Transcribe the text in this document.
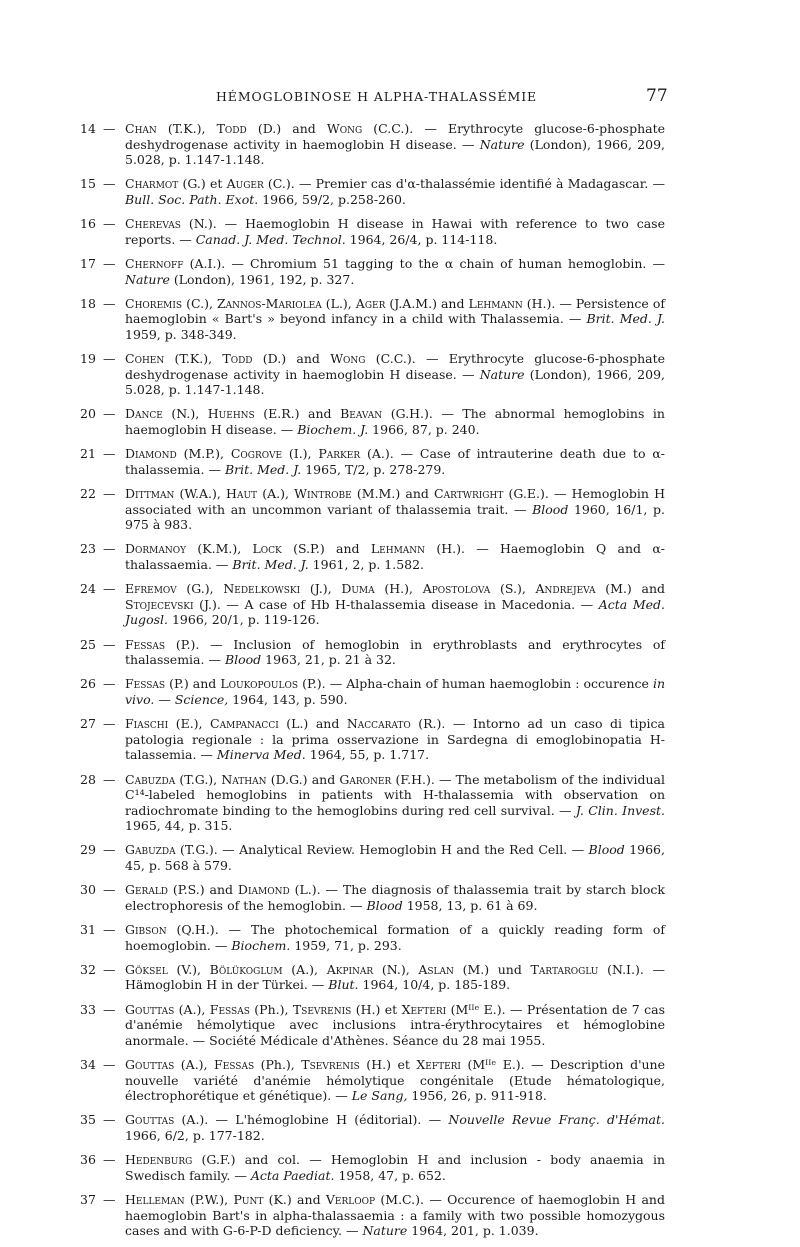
HÉMOGLOBINOSE H ALPHA-THALASSÉMIE	77
14 — Chan (T.K.), Todd (D.) and Wong (C.C.). — Erythrocyte glucose-6-phosphate deshydrogenase activity in haemoglobin H disease. — Nature (London), 1966, 209, 5.028, p. 1.147-1.148.
15 — Charmot (G.) et Auger (C.). — Premier cas d'α-thalassémie identifié à Madagascar. — Bull. Soc. Path. Exot. 1966, 59/2, p.258-260.
16 — Cherevas (N.). — Haemoglobin H disease in Hawai with reference to two case reports. — Canad. J. Med. Technol. 1964, 26/4, p. 114-118.
17 — Chernoff (A.I.). — Chromium 51 tagging to the α chain of human hemoglobin. — Nature (London), 1961, 192, p. 327.
18 — Choremis (C.), Zannos-Mariolea (L.), Ager (J.A.M.) and Lehmann (H.). — Persistence of haemoglobin « Bart's » beyond infancy in a child with Thalassemia. — Brit. Med. J. 1959, p. 348-349.
19 — Cohen (T.K.), Todd (D.) and Wong (C.C.). — Erythrocyte glucose-6-phosphate deshydrogenase activity in haemoglobin H disease. — Nature (London), 1966, 209, 5.028, p. 1.147-1.148.
20 — Dance (N.), Huehns (E.R.) and Beavan (G.H.). — The abnormal hemoglobins in haemoglobin H disease. — Biochem. J. 1966, 87, p. 240.
21 — Diamond (M.P.), Cogrove (I.), Parker (A.). — Case of intrauterine death due to α-thalassemia. — Brit. Med. J. 1965, T/2, p. 278-279.
22 — Dittman (W.A.), Haut (A.), Wintrobe (M.M.) and Cartwright (G.E.). — Hemoglobin H associated with an uncommon variant of thalassemia trait. — Blood 1960, 16/1, p. 975 à 983.
23 — Dormanoy (K.M.), Lock (S.P.) and Lehmann (H.). — Haemoglobin Q and α-thalassaemia. — Brit. Med. J. 1961, 2, p. 1.582.
24 — Efremov (G.), Nedelkowski (J.), Duma (H.), Apostolova (S.), Andrejeva (M.) and Stojecevski (J.). — A case of Hb H-thalassemia disease in Macedonia. — Acta Med. Jugosl. 1966, 20/1, p. 119-126.
25 — Fessas (P.). — Inclusion of hemoglobin in erythroblasts and erythrocytes of thalassemia. — Blood 1963, 21, p. 21 à 32.
26 — Fessas (P.) and Loukopoulos (P.). — Alpha-chain of human haemoglobin : occurence in vivo. — Science, 1964, 143, p. 590.
27 — Fiaschi (E.), Campanacci (L.) and Naccarato (R.). — Intorno ad un caso di tipica patologia regionale : la prima osservazione in Sardegna di emoglobinopatia H-talassemia. — Minerva Med. 1964, 55, p. 1.717.
28 — Cabuzda (T.G.), Nathan (D.G.) and Garoner (F.H.). — The metabolism of the individual C¹⁴-labeled hemoglobins in patients with H-thalassemia with observation on radiochromate binding to the hemoglobins during red cell survival. — J. Clin. Invest. 1965, 44, p. 315.
29 — Gabuzda (T.G.). — Analytical Review. Hemoglobin H and the Red Cell. — Blood 1966, 45, p. 568 à 579.
30 — Gerald (P.S.) and Diamond (L.). — The diagnosis of thalassemia trait by starch block electrophoresis of the hemoglobin. — Blood 1958, 13, p. 61 à 69.
31 — Gibson (Q.H.). — The photochemical formation of a quickly reading form of hoemoglobin. — Biochem. 1959, 71, p. 293.
32 — Göksel (V.), Bölükoglum (A.), Akpinar (N.), Aslan (M.) und Tartaroglu (N.I.). — Hämoglobin H in der Türkei. — Blut. 1964, 10/4, p. 185-189.
33 — Gouttas (A.), Fessas (Ph.), Tsevrenis (H.) et Xefteri (Mᴵᴵᵉ E.). — Présentation de 7 cas d'anémie hémolytique avec inclusions intra-érythrocytaires et hémoglobine anormale. — Société Médicale d'Athènes. Séance du 28 mai 1955.
34 — Gouttas (A.), Fessas (Ph.), Tsevrenis (H.) et Xefteri (Mᴵᴵᵉ E.). — Description d'une nouvelle variété d'anémie hémolytique congénitale (Etude hématologique, électrophorétique et génétique). — Le Sang, 1956, 26, p. 911-918.
35 — Gouttas (A.). — L'hémoglobine H (éditorial). — Nouvelle Revue Franç. d'Hémat. 1966, 6/2, p. 177-182.
36 — Hedenburg (G.F.) and col. — Hemoglobin H and inclusion - body anaemia in Swedisch family. — Acta Paediat. 1958, 47, p. 652.
37 — Helleman (P.W.), Punt (K.) and Verloop (M.C.). — Occurence of haemoglobin H and haemoglobin Bart's in alpha-thalassaemia : a family with two possible homozygous cases and with G-6-P-D deficiency. — Nature 1964, 201, p. 1.039.
